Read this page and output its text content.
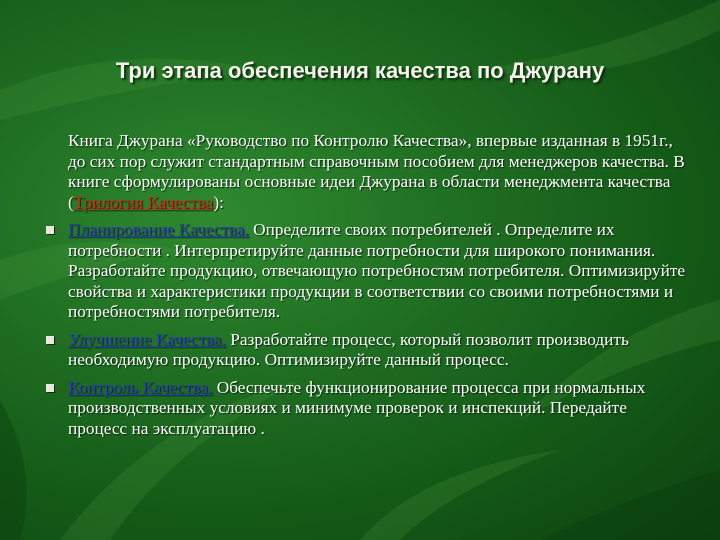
Три этапа обеспечения качества по Джурану

Книга Джурана «Руководство по Контролю Качества», впервые изданная в 1951г., до сих пор служит стандартным справочным пособием для менеджеров качества. В книге сформулированы основные идеи Джурана в области менеджмента качества (Трилогия Качества):

Планирование Качества. Определите своих потребителей . Определите их потребности . Интерпретируйте данные потребности для широкого понимания. Разработайте продукцию, отвечающую потребностям потребителя. Оптимизируйте свойства и характеристики продукции в соответствии со своими потребностями и потребностями потребителя.

Улучшение Качества. Разработайте процесс, который позволит производить необходимую продукцию. Оптимизируйте данный процесс.

Контроль Качества. Обеспечьте функционирование процесса при нормальных производственных условиях и минимуме проверок и инспекций. Передайте процесс на эксплуатацию .
